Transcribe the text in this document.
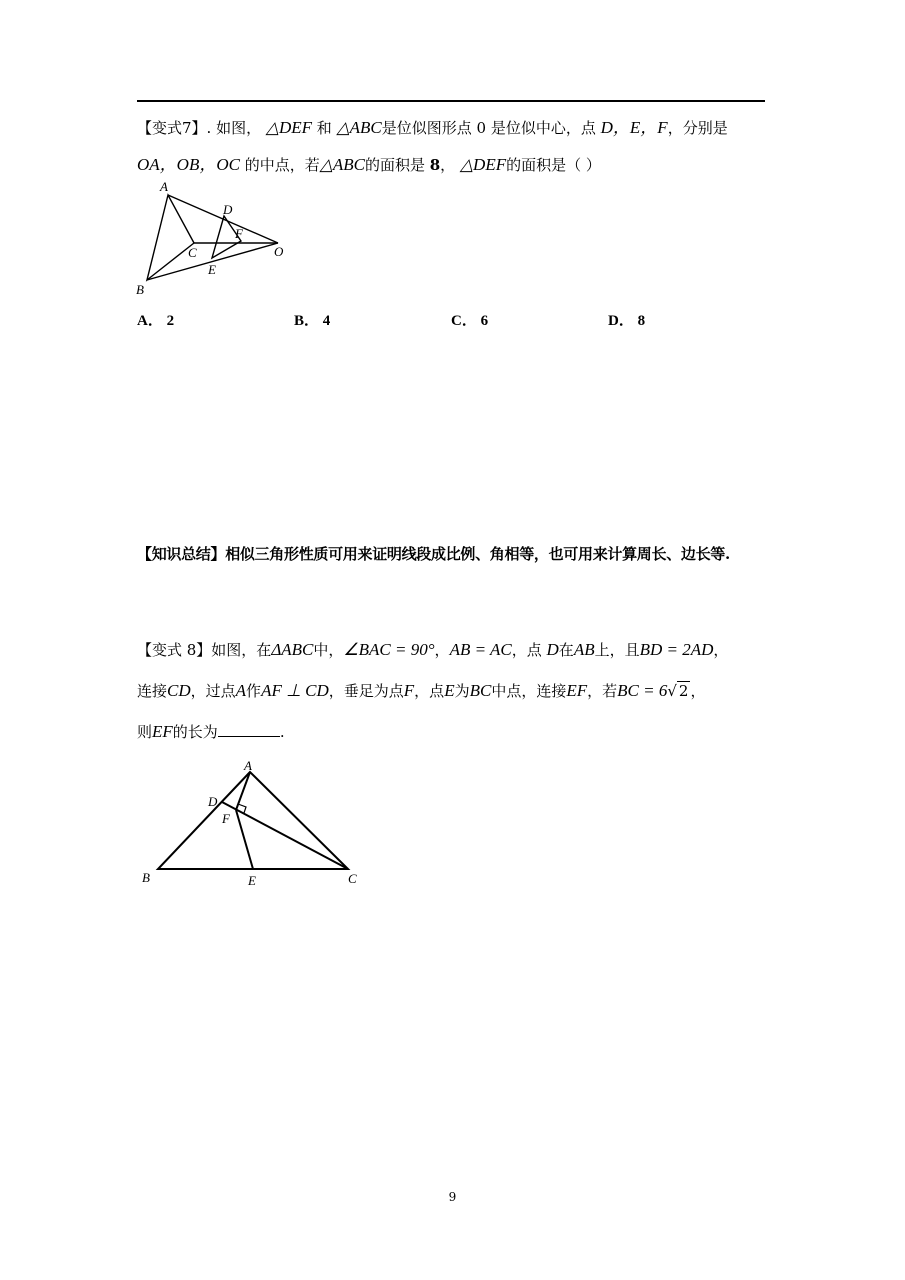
【变式7】. 如图， △DEF 和 △ABC是位似图形点 0 是位似中心，点 D，E，F，分别是
OA，OB，OC 的中点，若△ABC的面积是 8， △DEF的面积是（ ）
A
D
F
C	O
E
B
A． 2	B． 4	C． 6	D． 8
【知识总结】相似三角形性质可用来证明线段成比例、角相等，也可用来计算周长、边长等.
【变式 8】如图，在ΔABC中，∠BAC = 90°，AB = AC，点 D在AB上，且BD = 2AD，
连接CD，过点A作AF ⊥ CD，垂足为点F，点E为BC中点，连接EF，若BC = 6√ 2 ，
则EF的长为	.
A
D
F
B	E	C
9
